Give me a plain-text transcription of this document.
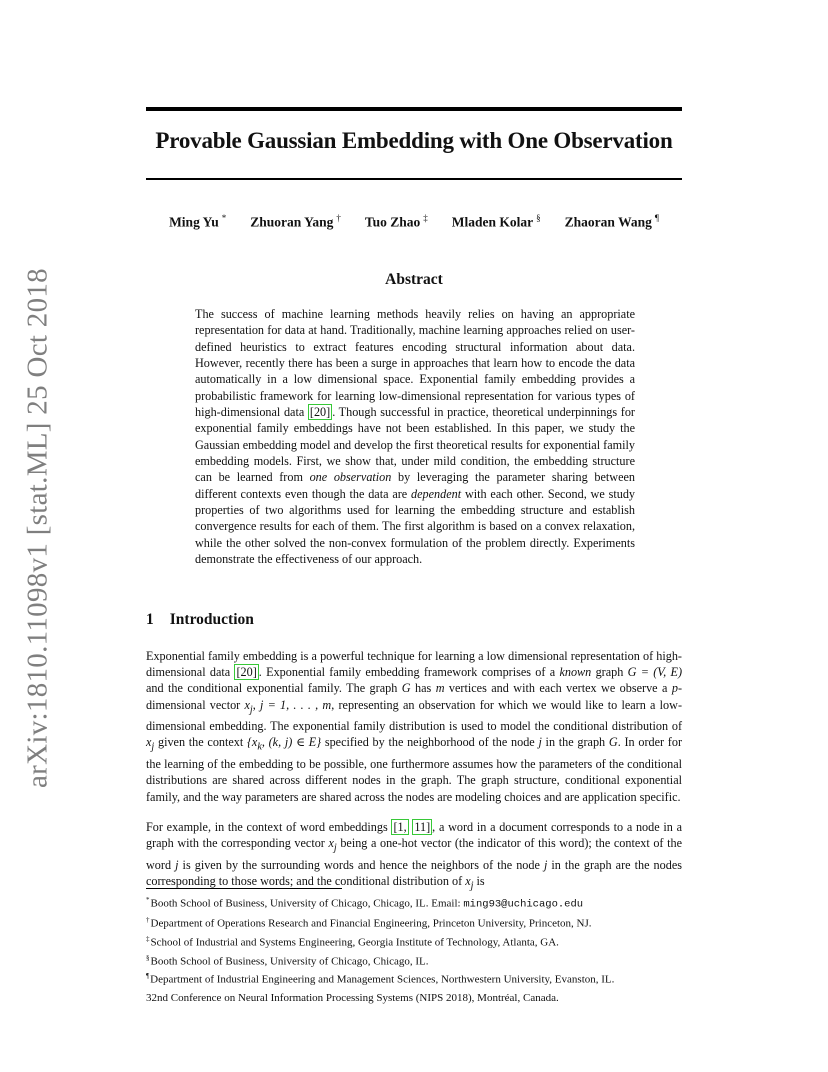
Provable Gaussian Embedding with One Observation
Ming Yu * Zhuoran Yang † Tuo Zhao ‡ Mladen Kolar § Zhaoran Wang ¶
arXiv:1810.11098v1 [stat.ML] 25 Oct 2018	Abstract
The success of machine learning methods heavily relies on having an appropriate representation for data at hand. Traditionally, machine learning approaches relied on user-defined heuristics to extract features encoding structural information about data. However, recently there has been a surge in approaches that learn how to encode the data automatically in a low dimensional space. Exponential family embedding provides a probabilistic framework for learning low-dimensional representation for various types of high-dimensional data [20] . Though successful in practice, theoretical underpinnings for exponential family embeddings have not been established. In this paper, we study the Gaussian embedding model and develop the first theoretical results for exponential family embedding models. First, we show that, under mild condition, the embedding structure can be learned from one observation by leveraging the parameter sharing between different contexts even though the data are dependent with each other. Second, we study properties of two algorithms used for learning the embedding structure and establish convergence results for each of them. The first algorithm is based on a convex relaxation, while the other solved the non-convex formulation of the problem directly. Experiments demonstrate the effectiveness of our approach.
1 Introduction
Exponential family embedding is a powerful technique for learning a low dimensional representation of high-dimensional data [20] . Exponential family embedding framework comprises of a known graph G = (V, E) and the conditional exponential family. The graph G has m vertices and with each vertex we observe a p-dimensional vector $x_j$, j = 1, . . . , m, representing an observation for which we would like to learn a low-dimensional embedding. The exponential family distribution is used to model the conditional distribution of $x_j$ given the context {$x_k$, (k, j) ∈ E} specified by the neighborhood of the node j in the graph G. In order for the learning of the embedding to be possible, one furthermore assumes how the parameters of the conditional distributions are shared across different nodes in the graph. The graph structure, conditional exponential family, and the way parameters are shared across the nodes are modeling choices and are application specific.
For example, in the context of word embeddings [1, 11] , a word in a document corresponds to a node in a graph with the corresponding vector $x_j$ being a one-hot vector (the indicator of this word); the context of the word j is given by the surrounding words and hence the neighbors of the node j in the graph are the nodes corresponding to those words; and the conditional distribution of $x_j$ is
*Booth School of Business, University of Chicago, Chicago, IL. Email: ming93@uchicago.edu
†Department of Operations Research and Financial Engineering, Princeton University, Princeton, NJ.
‡School of Industrial and Systems Engineering, Georgia Institute of Technology, Atlanta, GA.
§Booth School of Business, University of Chicago, Chicago, IL.
¶Department of Industrial Engineering and Management Sciences, Northwestern University, Evanston, IL.
32nd Conference on Neural Information Processing Systems (NIPS 2018), Montréal, Canada.
